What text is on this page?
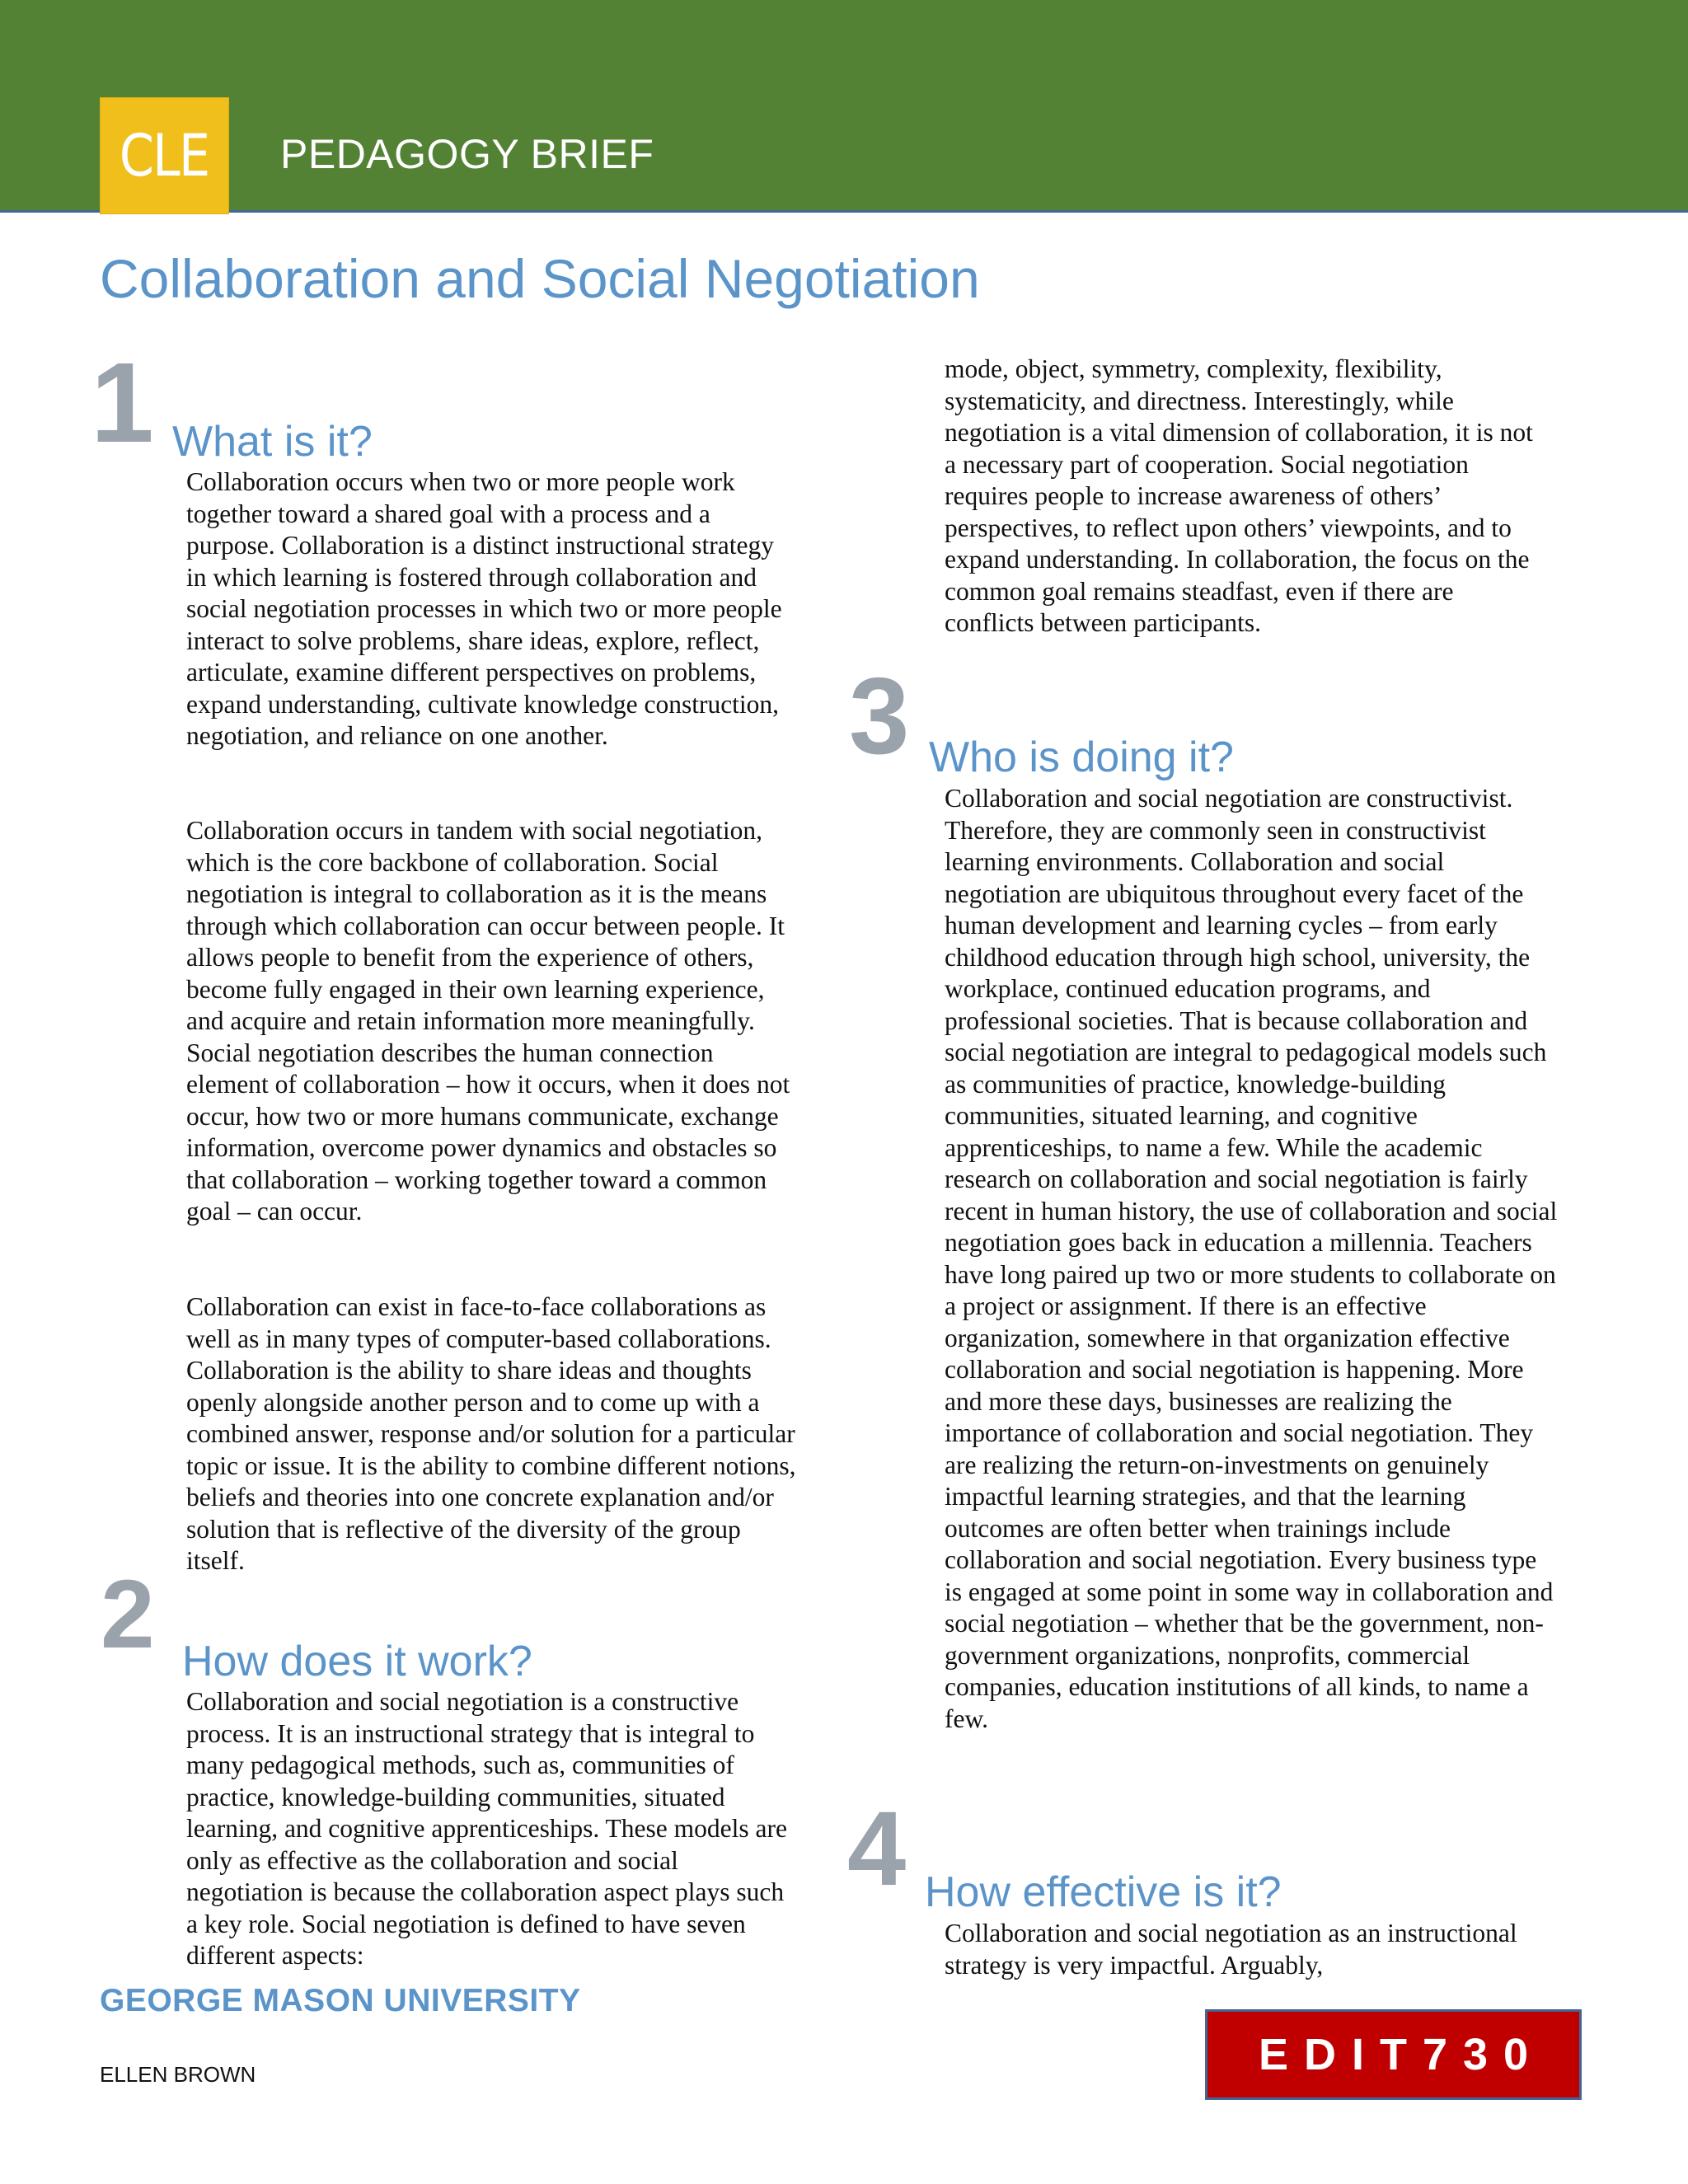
CLE PEDAGOGY BRIEF
Collaboration and Social Negotiation
1 What is it?

Collaboration occurs when two or more people work together toward a shared goal with a process and a purpose. Collaboration is a distinct instructional strategy in which learning is fostered through collaboration and social negotiation processes in which two or more people interact to solve problems, share ideas, explore, reflect, articulate, examine different perspectives on problems, expand understanding, cultivate knowledge construction, negotiation, and reliance on one another.

Collaboration occurs in tandem with social negotiation, which is the core backbone of collaboration. Social negotiation is integral to collaboration as it is the means through which collaboration can occur between people. It allows people to benefit from the experience of others, become fully engaged in their own learning experience, and acquire and retain information more meaningfully. Social negotiation describes the human connection element of collaboration – how it occurs, when it does not occur, how two or more humans communicate, exchange information, overcome power dynamics and obstacles so that collaboration – working together toward a common goal – can occur.

Collaboration can exist in face-to-face collaborations as well as in many types of computer-based collaborations. Collaboration is the ability to share ideas and thoughts openly alongside another person and to come up with a combined answer, response and/or solution for a particular topic or issue. It is the ability to combine different notions, beliefs and theories into one concrete explanation and/or solution that is reflective of the diversity of the group itself.

2 How does it work?

Collaboration and social negotiation is a constructive process. It is an instructional strategy that is integral to many pedagogical methods, such as, communities of practice, knowledge-building communities, situated learning, and cognitive apprenticeships. These models are only as effective as the collaboration and social negotiation is because the collaboration aspect plays such a key role. Social negotiation is defined to have seven different aspects:

mode, object, symmetry, complexity, flexibility, systematicity, and directness. Interestingly, while negotiation is a vital dimension of collaboration, it is not a necessary part of cooperation. Social negotiation requires people to increase awareness of others’ perspectives, to reflect upon others’ viewpoints, and to expand understanding. In collaboration, the focus on the common goal remains steadfast, even if there are conflicts between participants.

3 Who is doing it?

Collaboration and social negotiation are constructivist. Therefore, they are commonly seen in constructivist learning environments. Collaboration and social negotiation are ubiquitous throughout every facet of the human development and learning cycles – from early childhood education through high school, university, the workplace, continued education programs, and professional societies. That is because collaboration and social negotiation are integral to pedagogical models such as communities of practice, knowledge-building communities, situated learning, and cognitive apprenticeships, to name a few. While the academic research on collaboration and social negotiation is fairly recent in human history, the use of collaboration and social negotiation goes back in education a millennia. Teachers have long paired up two or more students to collaborate on a project or assignment. If there is an effective organization, somewhere in that organization effective collaboration and social negotiation is happening. More and more these days, businesses are realizing the importance of collaboration and social negotiation. They are realizing the return-on-investments on genuinely impactful learning strategies, and that the learning outcomes are often better when trainings include collaboration and social negotiation. Every business type is engaged at some point in some way in collaboration and social negotiation – whether that be the government, non-government organizations, nonprofits, commercial companies, education institutions of all kinds, to name a few.

4 How effective is it?

Collaboration and social negotiation as an instructional strategy is very impactful. Arguably,

GEORGE MASON UNIVERSITY
ELLEN BROWN	EDIT730
